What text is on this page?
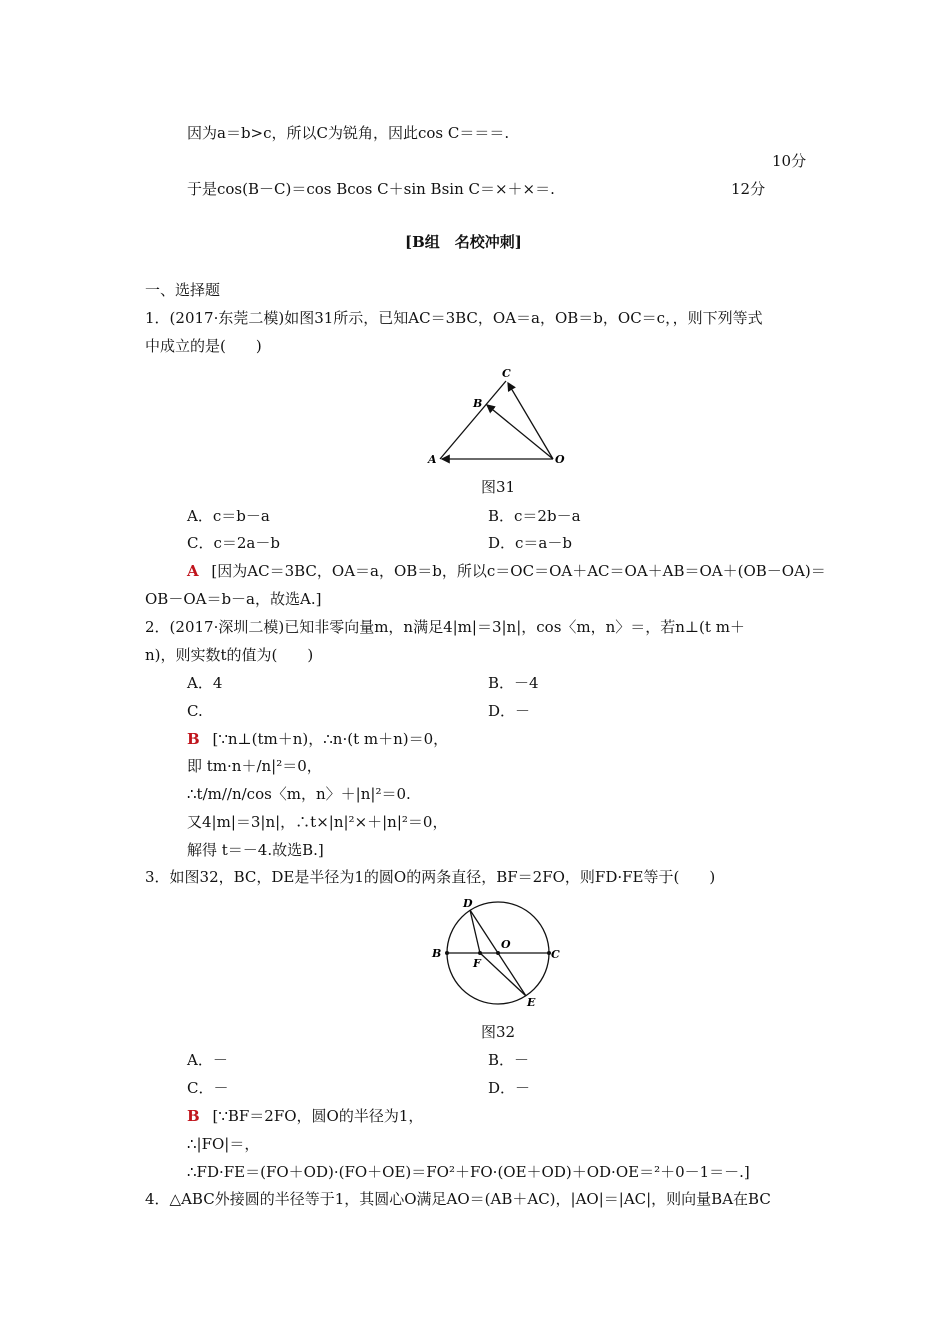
因为a＝b>c，所以C为锐角，因此cos C＝＝＝.
10分
于是cos(B－C)＝cos Bcos C＋sin Bsin C＝×＋×＝.	12分
[B组　名校冲刺]
一、选择题
1．(2017·东莞二模)如图31所示，已知AC＝3BC，OA＝a，OB＝b，OC＝c，，则下列等式
中成立的是(　　)
C
B
A	O
图31
A．c＝b－a	B．c＝2b－a
C．c＝2a－b	D．c＝a－b
A [因为AC＝3BC，OA＝a，OB＝b，所以c＝OC＝OA＋AC＝OA＋AB＝OA＋(OB－OA)＝
OB－OA＝b－a，故选A.]
2．(2017·深圳二模)已知非零向量m，n满足4|m|＝3|n|，cos〈m，n〉＝，若n⊥(t m＋
n)，则实数t的值为(　　)
A．4	B．－4
C.	D．－
B [∵n⊥(tm＋n)，∴n·(t m＋n)＝0，
即 tm·n＋/n|²＝0，
∴t/m//n/cos〈m，n〉＋|n|²＝0.
又4|m|＝3|n|，∴t×|n|²×＋|n|²＝0，
解得 t＝－4.故选B.]
3．如图32，BC，DE是半径为1的圆O的两条直径，BF＝2FO，则FD·FE等于(　　)
D
B
F
O
C
E
图32
A．－	B．－
C．－	D．－
B [∵BF＝2FO，圆O的半径为1，
∴|FO|＝，
∴FD·FE＝(FO＋OD)·(FO＋OE)＝FO²＋FO·(OE＋OD)＋OD·OE＝²＋0－1＝－.]
4．△ABC外接圆的半径等于1，其圆心O满足AO＝(AB＋AC)，|AO|＝|AC|，则向量BA在BC
